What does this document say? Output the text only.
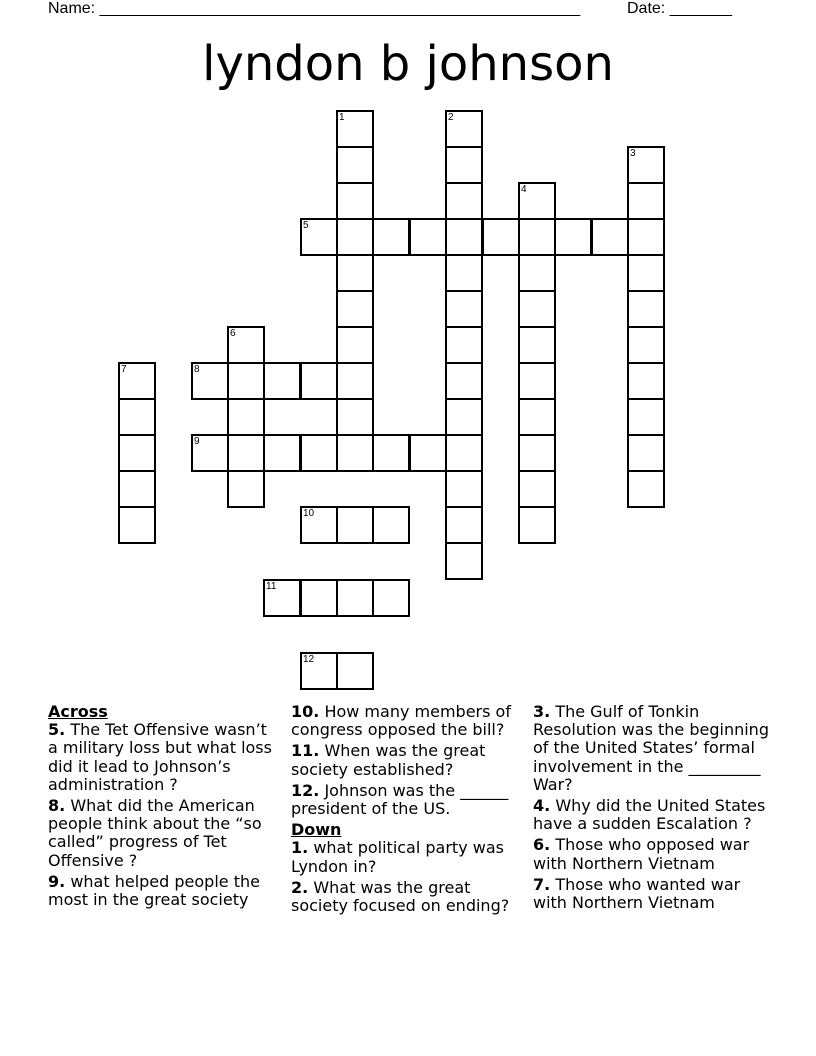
Name: ______________________________________________________	Date: _______
lyndon b johnson
1	2
3
4
5
6
7	8
9
10
11
12
Across
5. The Tet Offensive wasn’t a military loss but what loss did it lead to Johnson’s administration ?
8. What did the American people think about the “so called” progress of Tet Offensive ?
9. what helped people the most in the great society
10. How many members of congress opposed the bill?
11. When was the great society established?
12. Johnson was the ______ president of the US.
Down
1. what political party was Lyndon in?
2. What was the great society focused on ending?
3. The Gulf of Tonkin Resolution was the beginning of the United States’ formal involvement in the _________ War?
4. Why did the United States have a sudden Escalation ?
6. Those who opposed war with Northern Vietnam
7. Those who wanted war with Northern Vietnam
